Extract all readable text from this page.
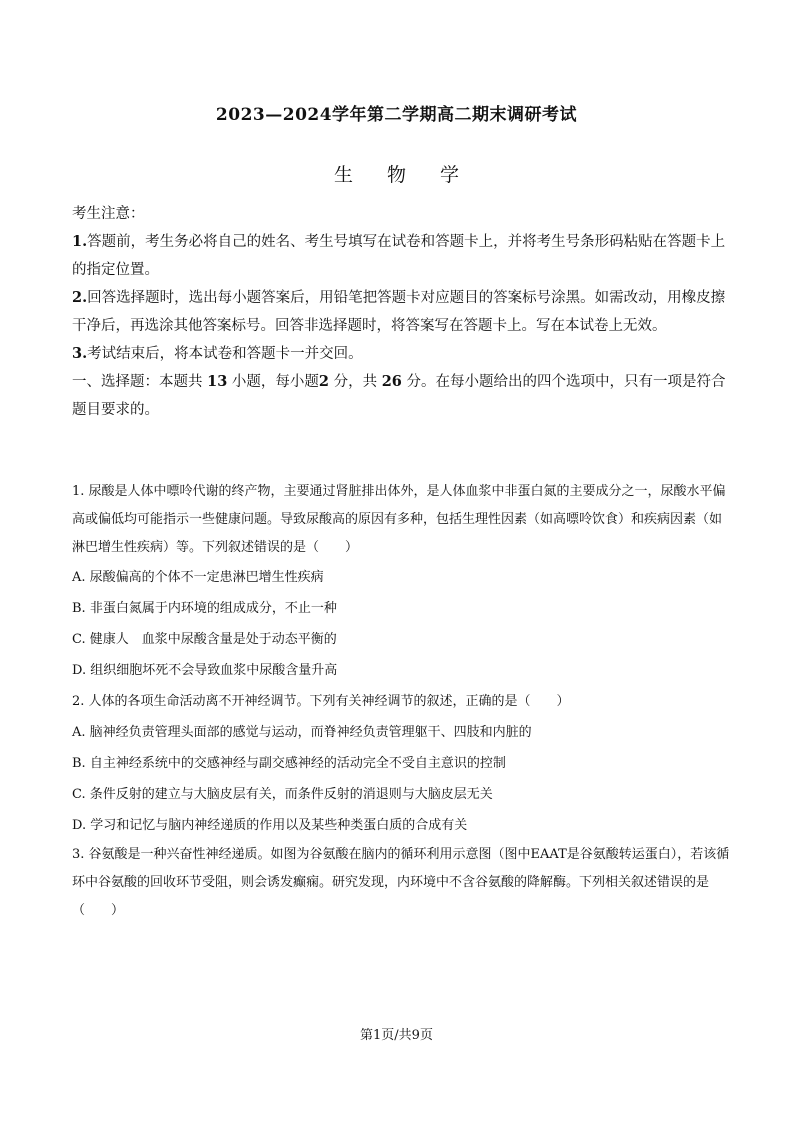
2023—2024学年第二学期高二期末调研考试
生 物 学

考生注意：

1.答题前，考生务必将自己的姓名、考生号填写在试卷和答题卡上，并将考生号条形码粘贴在答题卡上的指定位置。

2.回答选择题时，选出每小题答案后，用铅笔把答题卡对应题目的答案标号涂黑。如需改动，用橡皮擦干净后，再选涂其他答案标号。回答非选择题时，将答案写在答题卡上。写在本试卷上无效。

3.考试结束后，将本试卷和答题卡一并交回。

一、选择题：本题共 13 小题，每小题2 分，共 26 分。在每小题给出的四个选项中，只有一项是符合题目要求的。

1. 尿酸是人体中嘌呤代谢的终产物，主要通过肾脏排出体外，是人体血浆中非蛋白氮的主要成分之一，尿酸水平偏高或偏低均可能指示一些健康问题。导致尿酸高的原因有多种，包括生理性因素（如高嘌呤饮食）和疾病因素（如淋巴增生性疾病）等。下列叙述错误的是（　　）

A. 尿酸偏高的个体不一定患淋巴增生性疾病

B. 非蛋白氮属于内环境的组成成分，不止一种

C. 健康人　血浆中尿酸含量是处于动态平衡的

D. 组织细胞坏死不会导致血浆中尿酸含量升高

2. 人体的各项生命活动离不开神经调节。下列有关神经调节的叙述，正确的是（　　）

A. 脑神经负责管理头面部的感觉与运动，而脊神经负责管理躯干、四肢和内脏的

B. 自主神经系统中的交感神经与副交感神经的活动完全不受自主意识的控制

C. 条件反射的建立与大脑皮层有关，而条件反射的消退则与大脑皮层无关

D. 学习和记忆与脑内神经递质的作用以及某些种类蛋白质的合成有关

3. 谷氨酸是一种兴奋性神经递质。如图为谷氨酸在脑内的循环利用示意图（图中EAAT是谷氨酸转运蛋白），若该循环中谷氨酸的回收环节受阻，则会诱发癫痫。研究发现，内环境中不含谷氨酸的降解酶。下列相关叙述错误的是（　　）

第1页/共9页
